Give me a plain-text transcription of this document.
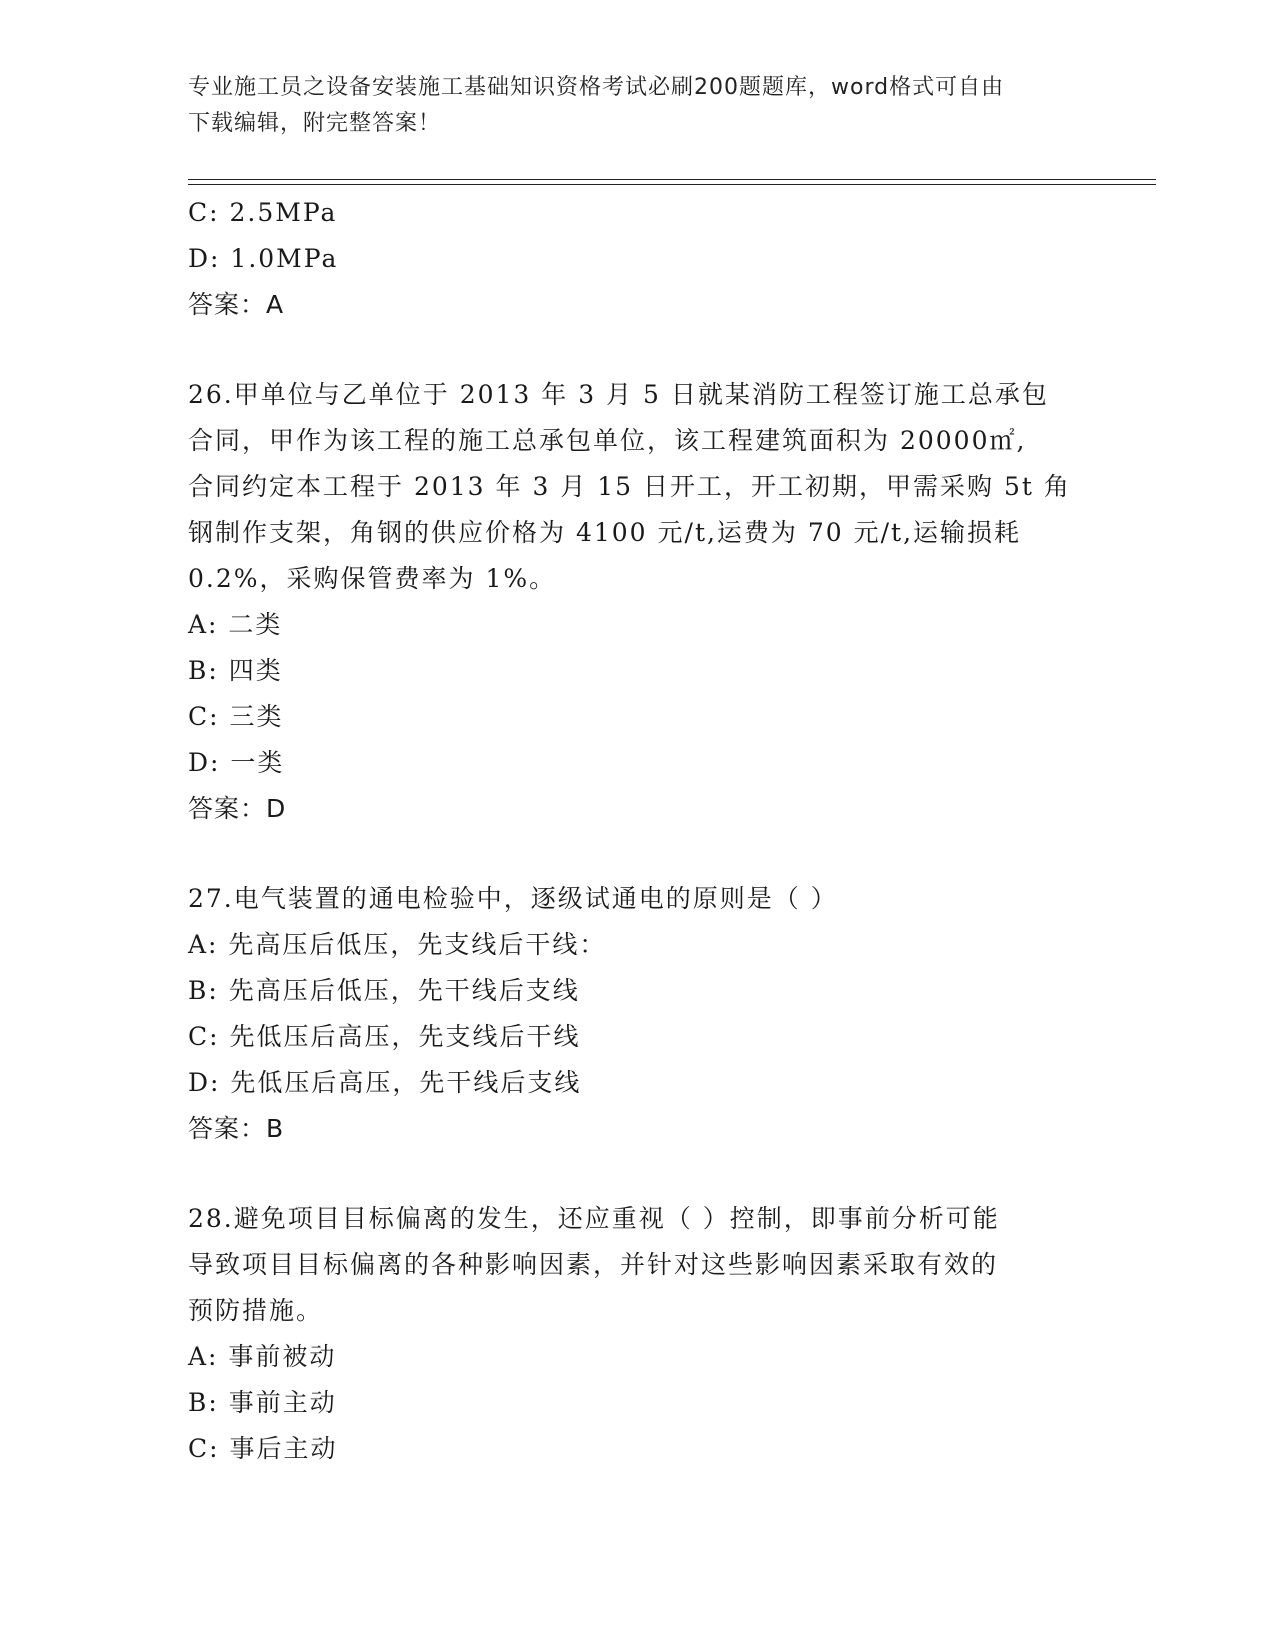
专业施工员之设备安装施工基础知识资格考试必刷200题题库，word格式可自由
下载编辑，附完整答案！
C: 2.5MPa
D: 1.0MPa
答案：A
26.甲单位与乙单位于 2013 年 3 月 5 日就某消防工程签订施工总承包
合同，甲作为该工程的施工总承包单位，该工程建筑面积为 20000㎡,
合同约定本工程于 2013 年 3 月 15 日开工，开工初期，甲需采购 5t 角
钢制作支架，角钢的供应价格为 4100 元/t,运费为 70 元/t,运输损耗
0.2%，采购保管费率为 1%。
A: 二类
B: 四类
C: 三类
D: 一类
答案：D
27.电气装置的通电检验中，逐级试通电的原则是（ ）
A: 先高压后低压，先支线后干线：
B: 先高压后低压，先干线后支线
C: 先低压后高压，先支线后干线
D: 先低压后高压，先干线后支线
答案：B
28.避免项目目标偏离的发生，还应重视（ ）控制，即事前分析可能
导致项目目标偏离的各种影响因素，并针对这些影响因素采取有效的
预防措施。
A: 事前被动
B: 事前主动
C: 事后主动
